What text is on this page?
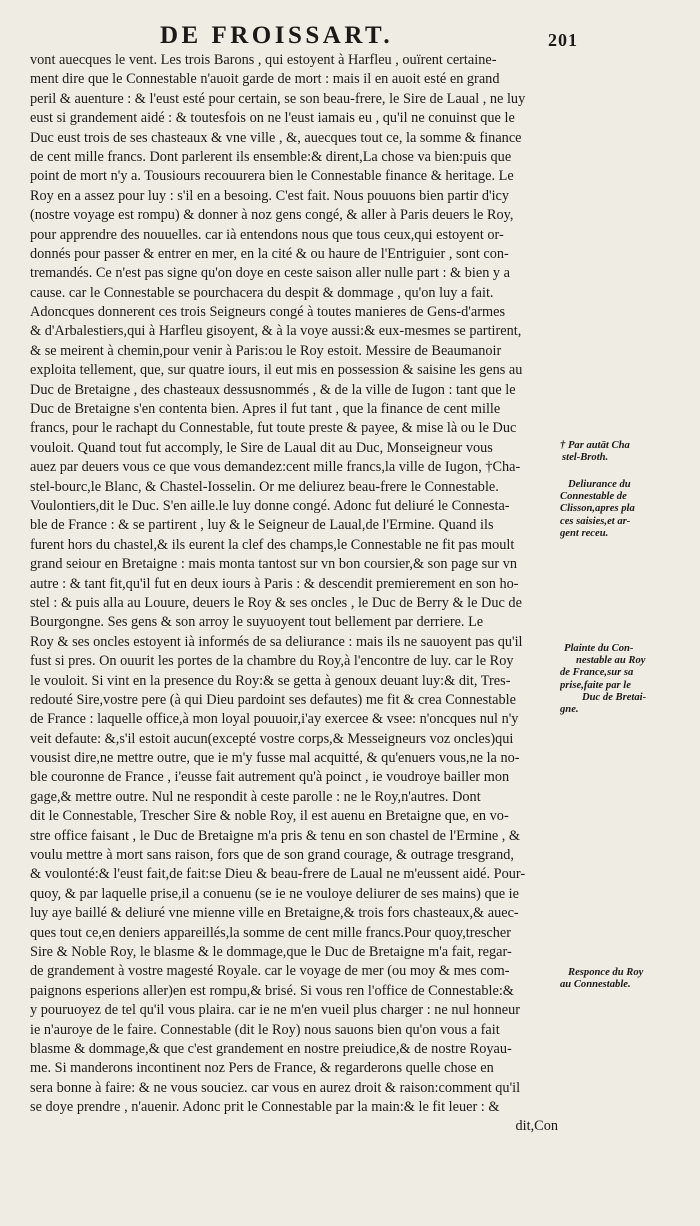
DE FROISSART.	201
vont auecques le vent. Les trois Barons , qui estoyent à Harfleu , ouïrent certaine-
ment dire que le Connestable n'auoit garde de mort : mais il en auoit esté en grand
peril & auenture : & l'eust esté pour certain, se son beau-frere, le Sire de Laual , ne luy
eust si grandement aidé : & toutesfois on ne l'eust iamais eu , qu'il ne conuinst que le
Duc eust trois de ses chasteaux & vne ville , &, auecques tout ce, la somme & finance
de cent mille francs. Dont parlerent ils ensemble:& dirent,La chose va bien:puis que
point de mort n'y a. Tousiours recouurera bien le Connestable finance & heritage. Le
Roy en a assez pour luy : s'il en a besoing. C'est fait. Nous pouuons bien partir d'icy
(nostre voyage est rompu) & donner à noz gens congé, & aller à Paris deuers le Roy,
pour apprendre des nouuelles. car ià entendons nous que tous ceux,qui estoyent or-
donnés pour passer & entrer en mer, en la cité & ou haure de l'Entriguier , sont con-
tremandés. Ce n'est pas signe qu'on doye en ceste saison aller nulle part : & bien y a
cause. car le Connestable se pourchacera du despit & dommage , qu'on luy a fait.
Adoncques donnerent ces trois Seigneurs congé à toutes manieres de Gens-d'armes
& d'Arbalestiers,qui à Harfleu gisoyent, & à la voye aussi:& eux-mesmes se partirent,
& se meirent à chemin,pour venir à Paris:ou le Roy estoit. Messire de Beaumanoir
exploita tellement, que, sur quatre iours, il eut mis en possession & saisine les gens au
Duc de Bretaigne , des chasteaux dessusnommés , & de la ville de Iugon : tant que le
Duc de Bretaigne s'en contenta bien. Apres il fut tant , que la finance de cent mille
francs, pour le rachapt du Connestable, fut toute preste & payee, & mise là ou le Duc
vouloit. Quand tout fut accomply, le Sire de Laual dit au Duc, Monseigneur vous
auez par deuers vous ce que vous demandez:cent mille francs,la ville de Iugon, †Cha-
stel-bourc,le Blanc, & Chastel-Iosselin. Or me deliurez beau-frere le Connestable.
Voulontiers,dit le Duc. S'en aille.le luy donne congé. Adonc fut deliuré le Connesta-
ble de France : & se partirent , luy & le Seigneur de Laual,de l'Ermine. Quand ils
furent hors du chastel,& ils eurent la clef des champs,le Connestable ne fit pas moult
grand seiour en Bretaigne : mais monta tantost sur vn bon coursier,& son page sur vn
autre : & tant fit,qu'il fut en deux iours à Paris : & descendit premierement en son ho-
stel : & puis alla au Louure, deuers le Roy & ses oncles , le Duc de Berry & le Duc de
Bourgongne. Ses gens & son arroy le suyuoyent tout bellement par derriere. Le
Roy & ses oncles estoyent ià informés de sa deliurance : mais ils ne sauoyent pas qu'il
fust si pres. On ouurit les portes de la chambre du Roy,à l'encontre de luy. car le Roy
le vouloit. Si vint en la presence du Roy:& se getta à genoux deuant luy:& dit, Tres-
redouté Sire,vostre pere (à qui Dieu pardoint ses defautes) me fit & crea Connestable
de France : laquelle office,à mon loyal pouuoir,i'ay exercee & vsee: n'oncques nul n'y
veit defaute: &,s'il estoit aucun(excepté vostre corps,& Messeigneurs voz oncles)qui
vousist dire,ne mettre outre, que ie m'y fusse mal acquitté, & qu'enuers vous,ne la no-
ble couronne de France , i'eusse fait autrement qu'à poinct , ie voudroye bailler mon
gage,& mettre outre. Nul ne respondit à ceste parolle : ne le Roy,n'autres. Dont
dit le Connestable, Trescher Sire & noble Roy, il est auenu en Bretaigne que, en vo-
stre office faisant , le Duc de Bretaigne m'a pris & tenu en son chastel de l'Ermine , &
voulu mettre à mort sans raison, fors que de son grand courage, & outrage tresgrand,
& voulonté:& l'eust fait,de fait:se Dieu & beau-frere de Laual ne m'eussent aidé. Pour-
quoy, & par laquelle prise,il a conuenu (se ie ne vouloye deliurer de ses mains) que ie
luy aye baillé & deliuré vne mienne ville en Bretaigne,& trois fors chasteaux,& auec-
ques tout ce,en deniers appareillés,la somme de cent mille francs.Pour quoy,trescher
Sire & Noble Roy, le blasme & le dommage,que le Duc de Bretaigne m'a fait, regar-
de grandement à vostre magesté Royale. car le voyage de mer (ou moy & mes com-
paignons esperions aller)en est rompu,& brisé. Si vous ren l'office de Connestable:&
y pouruoyez de tel qu'il vous plaira. car ie ne m'en vueil plus charger : ne nul honneur
ie n'auroye de le faire. Connestable (dit le Roy) nous sauons bien qu'on vous a fait
blasme & dommage,& que c'est grandement en nostre preiudice,& de nostre Royau-
me. Si manderons incontinent noz Pers de France, & regarderons quelle chose en
sera bonne à faire: & ne vous souciez. car vous en aurez droit & raison:comment qu'il
se doye prendre , n'auenir. Adonc prit le Connestable par la main:& le fit leuer : &
dit,Con
† Par autāt Cha
stel-Broth.
Deliurance du
Connestable de
Clisson,apres pla
ces saisies,et ar-
gent receu.
Plainte du Con-
nestable au Roy
de France,sur sa
prise,faite par le
Duc de Bretai-
gne.
Responce du Roy
au Connestable.
